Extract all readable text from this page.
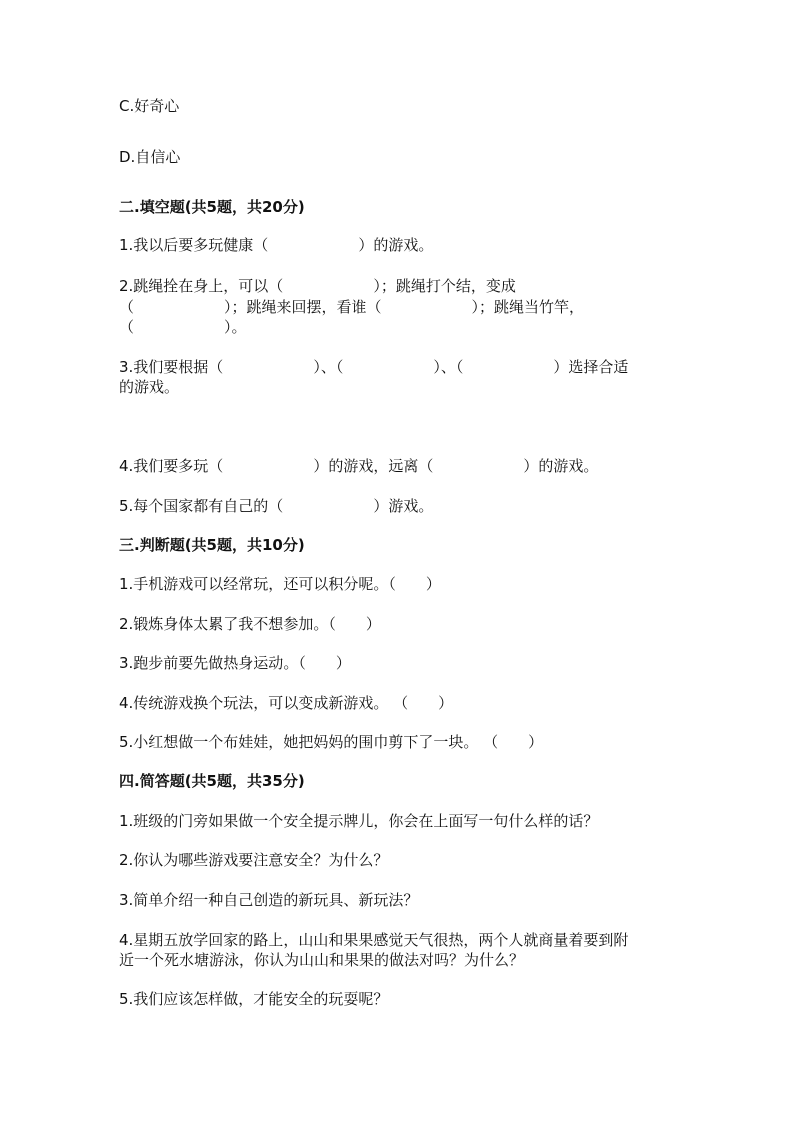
C.好奇心
D.自信心
二.填空题(共5题，共20分)
1.我以后要多玩健康（　　　　　　）的游戏。
2.跳绳拴在身上，可以（　　　　　　）；跳绳打个结，变成
（　　　　　　）；跳绳来回摆，看谁（　　　　　　）；跳绳当竹竿，
（　　　　　　）。
3.我们要根据（　　　　　　）、（　　　　　　）、（　　　　　　）选择合适
的游戏。
4.我们要多玩（　　　　　　）的游戏，远离（　　　　　　）的游戏。
5.每个国家都有自己的（　　　　　　）游戏。
三.判断题(共5题，共10分)
1.手机游戏可以经常玩，还可以积分呢。（　　）
2.锻炼身体太累了我不想参加。（　　）
3.跑步前要先做热身运动。（　　）
4.传统游戏换个玩法，可以变成新游戏。 （　　）
5.小红想做一个布娃娃，她把妈妈的围巾剪下了一块。 （　　）
四.简答题(共5题，共35分)
1.班级的门旁如果做一个安全提示牌儿，你会在上面写一句什么样的话？
2.你认为哪些游戏要注意安全？为什么？
3.简单介绍一种自己创造的新玩具、新玩法？
4.星期五放学回家的路上，山山和果果感觉天气很热，两个人就商量着要到附
近一个死水塘游泳，你认为山山和果果的做法对吗？为什么？
5.我们应该怎样做，才能安全的玩耍呢？
